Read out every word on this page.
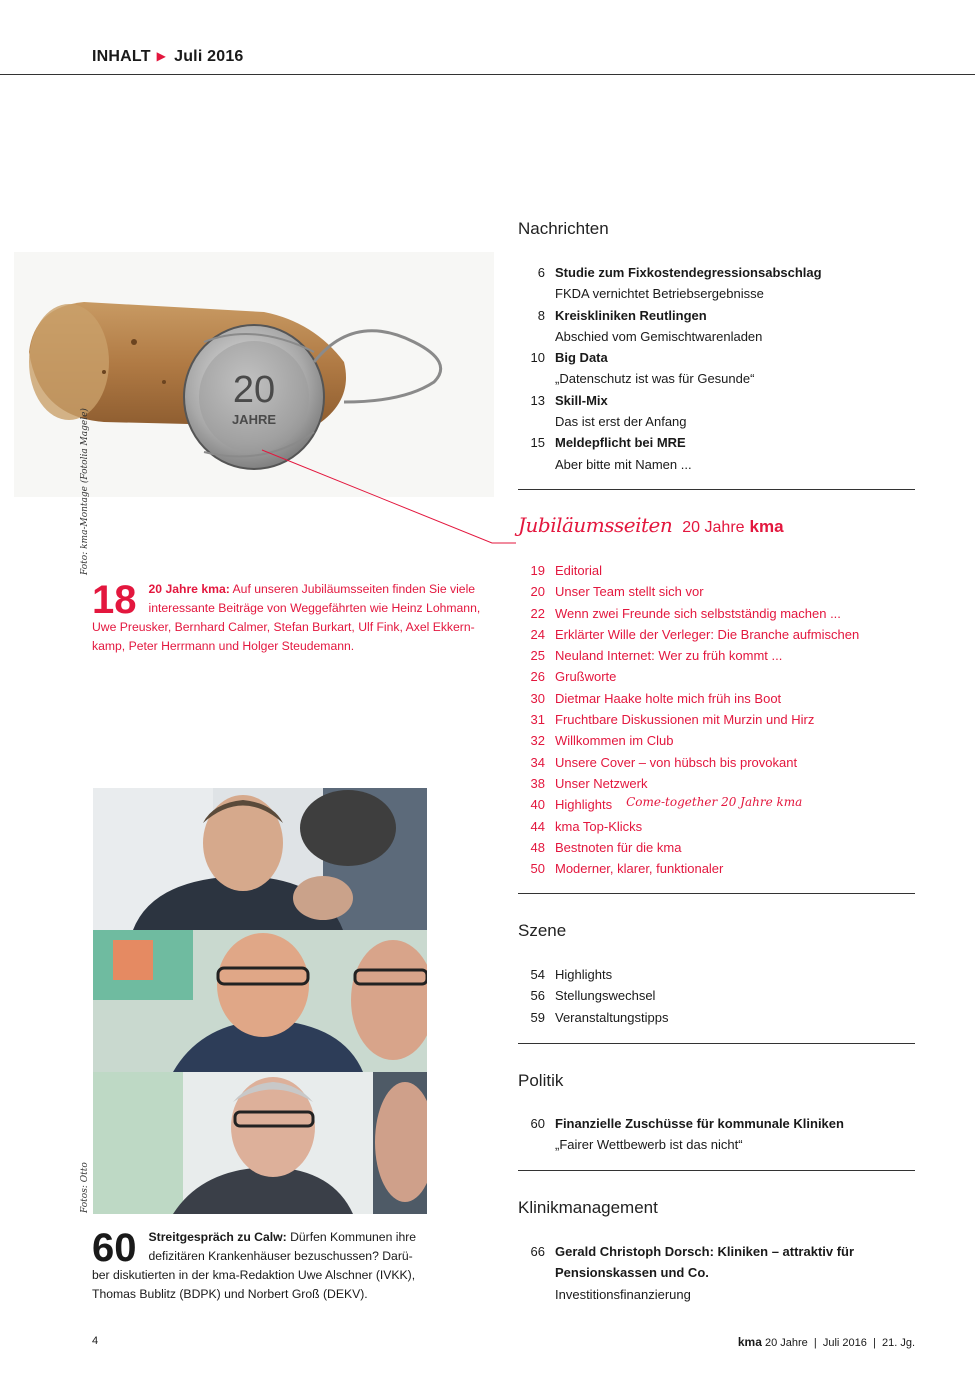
INHALT ▶ Juli 2016
Nachrichten
6 Studie zum Fixkostendegressionsabschlag
FKDA vernichtet Betriebsergebnisse
8 Kreiskliniken Reutlingen
Abschied vom Gemischtwarenladen
10 Big Data
„Datenschutz ist was für Gesunde“
13 Skill-Mix
Das ist erst der Anfang
15 Meldepflicht bei MRE
Aber bitte mit Namen ...
Jubiläumsseiten 20 Jahre kma
19 Editorial
20 Unser Team stellt sich vor
22 Wenn zwei Freunde sich selbstständig machen ...
24 Erklärter Wille der Verleger: Die Branche aufmischen
25 Neuland Internet: Wer zu früh kommt ...
26 Grußworte
30 Dietmar Haake holte mich früh ins Boot
31 Fruchtbare Diskussionen mit Murzin und Hirz
32 Willkommen im Club
34 Unsere Cover – von hübsch bis provokant
38 Unser Netzwerk
40 Highlights Come-together 20 Jahre kma
44 kma Top-Klicks
48 Bestnoten für die kma
50 Moderner, klarer, funktionaler
Szene
54 Highlights
56 Stellungswechsel
59 Veranstaltungstipps
Politik
60 Finanzielle Zuschüsse für kommunale Kliniken
„Fairer Wettbewerb ist das nicht“
Klinikmanagement
66 Gerald Christoph Dorsch: Kliniken – attraktiv für
Pensionskassen und Co.
Investitionsfinanzierung
20
JAHRE
Foto: kma-Montage (Fotolia Magele)
18 20 Jahre kma: Auf unseren Jubiläumsseiten finden Sie viele interessante Beiträge von Weggefährten wie Heinz Lohmann, Uwe Preusker, Bernhard Calmer, Stefan Burkart, Ulf Fink, Axel Ekkern-kamp, Peter Herrmann und Holger Steudemann.
Fotos: Otto
60 Streitgespräch zu Calw: Dürfen Kommunen ihre defizitären Krankenhäuser bezuschussen? Darü-ber diskutierten in der kma-Redaktion Uwe Alschner (IVKK), Thomas Bublitz (BDPK) und Norbert Groß (DEKV).
4	kma 20 Jahre  |  Juli 2016  |  21. Jg.
